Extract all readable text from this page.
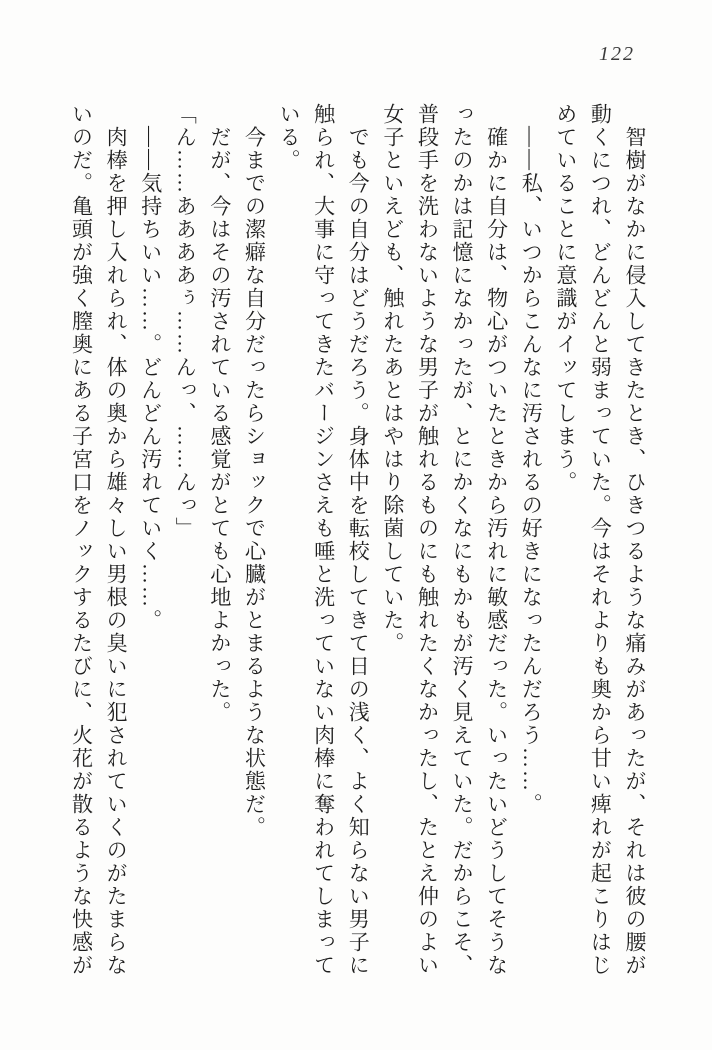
122
　智樹がなかに侵入してきたとき、ひきつるような痛みがあったが、それは彼の腰が
動くにつれ、どんどんと弱まっていた。今はそれよりも奥から甘い痺れが起こりはじ
めていることに意識がイッてしまう。
　――私、いつからこんなに汚されるの好きになったんだろう……。
　確かに自分は、物心がついたときから汚れに敏感だった。いったいどうしてそうな
ったのかは記憶になかったが、とにかくなにもかもが汚く見えていた。だからこそ、
普段手を洗わないような男子が触れるものにも触れたくなかったし、たとえ仲のよい
女子といえども、触れたあとはやはり除菌していた。
　でも今の自分はどうだろう。身体中を転校してきて日の浅く、よく知らない男子に
触られ、大事に守ってきたバージンさえも唾と洗っていない肉棒に奪われてしまって
いる。
　今までの潔癖な自分だったらショックで心臓がとまるような状態だ。
　だが、今はその汚されている感覚がとても心地よかった。
「ん……ああああぅ……んっ、……んっ」
　――気持ちいい……。どんどん汚れていく……。
　肉棒を押し入れられ、体の奥から雄々しい男根の臭いに犯されていくのがたまらな
いのだ。亀頭が強く膣奥にある子宮口をノックするたびに、火花が散るような快感が
